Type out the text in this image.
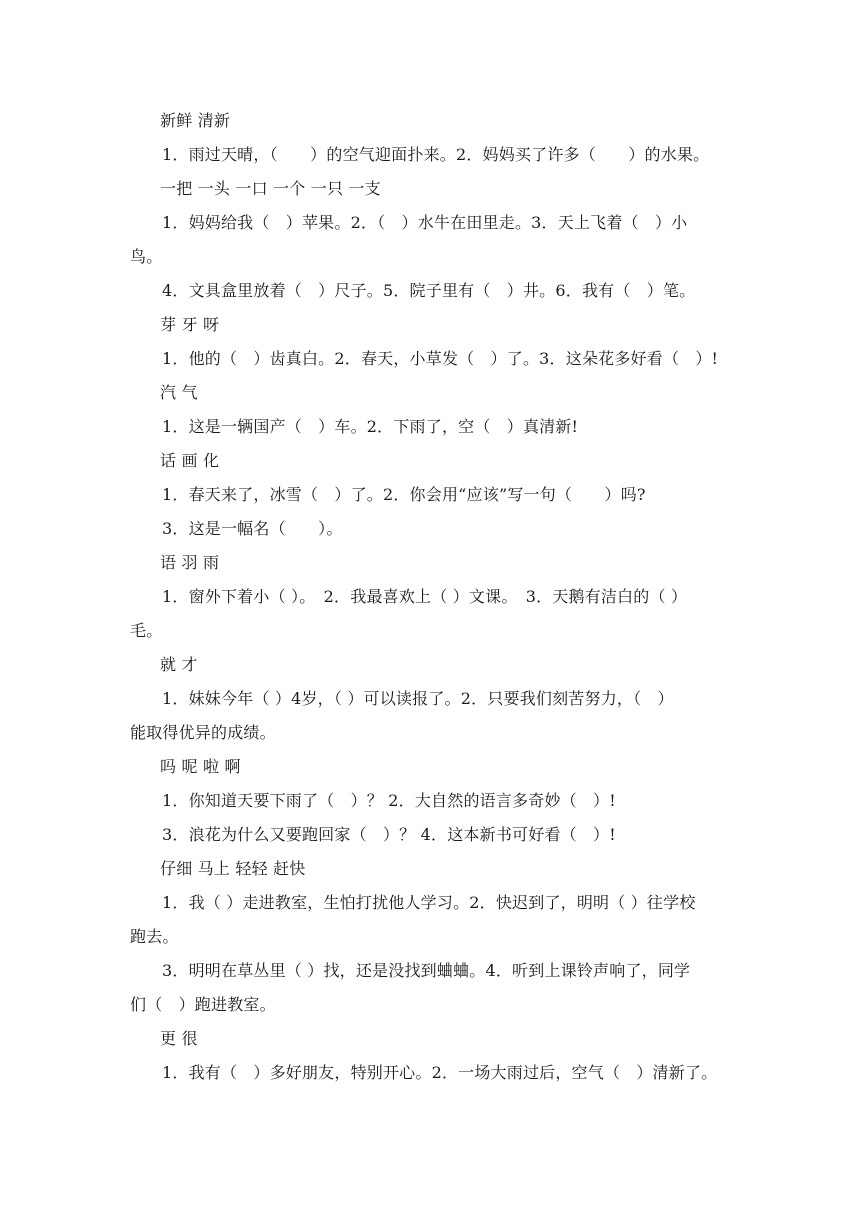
新鲜 清新
1．雨过天晴，（　　）的空气迎面扑来。2．妈妈买了许多（　　）的水果。
一把 一头 一口 一个 一只 一支
1．妈妈给我（　）苹果。2．（　）水牛在田里走。3．天上飞着（　）小
鸟。
4．文具盒里放着（　）尺子。5．院子里有（　）井。6．我有（　）笔。
芽 牙 呀
1．他的（　）齿真白。2．春天，小草发（　）了。3．这朵花多好看（　）!
汽 气
1．这是一辆国产（　）车。2．下雨了，空（　）真清新!
话 画 化
1．春天来了，冰雪（　）了。2．你会用“应该”写一句（　　）吗?
3．这是一幅名（　　）。
语 羽 雨
1．窗外下着小（ ）。　2．我最喜欢上（ ）文课。　3．天鹅有洁白的（ ）
毛。
就 才
1．妹妹今年（ ）4岁，（ ）可以读报了。2．只要我们刻苦努力，（　）
能取得优异的成绩。
吗 呢 啦 啊
1．你知道天要下雨了（　）？ 2．大自然的语言多奇妙（　）!
3．浪花为什么又要跑回家（　）？ 4．这本新书可好看（　）!
仔细 马上 轻轻 赶快
1．我（ ）走进教室，生怕打扰他人学习。2．快迟到了，明明（ ）往学校
跑去。
3．明明在草丛里（ ）找，还是没找到蛐蛐。4．听到上课铃声响了，同学
们（　）跑进教室。
更 很
1．我有（　）多好朋友，特别开心。2．一场大雨过后，空气（　）清新了。
